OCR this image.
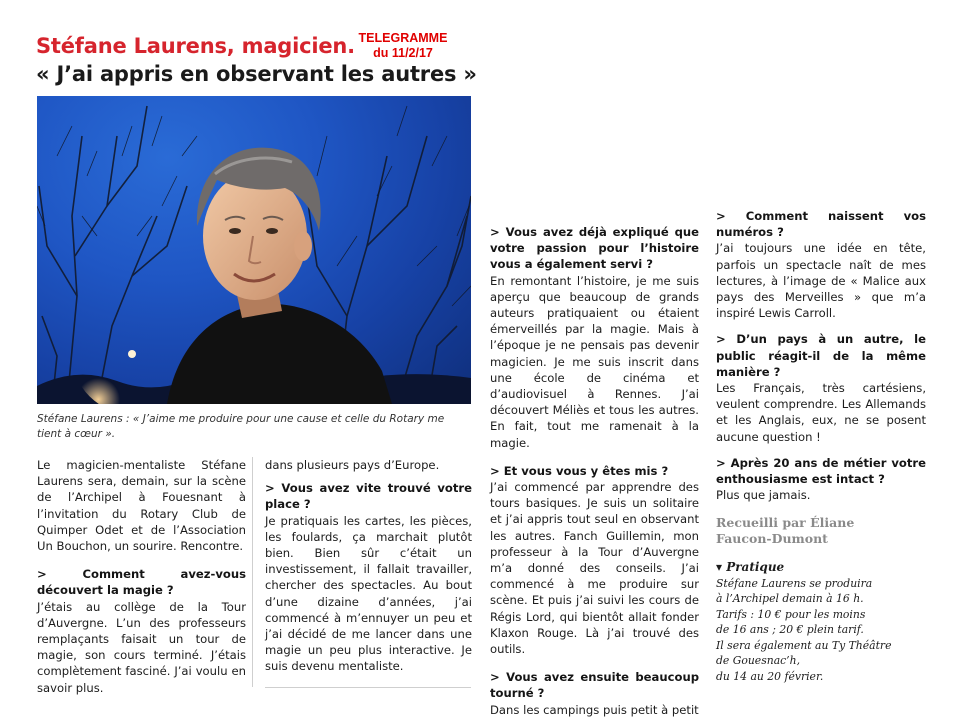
Stéfane Laurens, magicien.
« J’ai appris en observant les autres »
TELEGRAMME
du 11/2/17
Stéfane Laurens : « J’aime me produire pour une cause et celle du Rotary me tient à cœur ».

Le magicien-mentaliste Stéfane Laurens sera, demain, sur la scène de l’Archipel à Fouesnant à l’invitation du Rotary Club de Quimper Odet et de l’Association Un Bouchon, un sourire. Rencontre.

> Comment avez-vous découvert la magie ?

J’étais au collège de la Tour d’Auvergne. L’un des professeurs remplaçants faisait un tour de magie, son cours terminé. J’étais complètement fasciné. J’ai voulu en savoir plus.

dans plusieurs pays d’Europe.

> Vous avez vite trouvé votre place ?

Je pratiquais les cartes, les pièces, les foulards, ça marchait plutôt bien. Bien sûr c’était un investissement, il fallait travailler, chercher des spectacles. Au bout d’une dizaine d’années, j’ai commencé à m’ennuyer un peu et j’ai décidé de me lancer dans une magie un peu plus interactive. Je suis devenu mentaliste.

> Vous avez déjà expliqué que votre passion pour l’histoire vous a également servi ?

En remontant l’histoire, je me suis aperçu que beaucoup de grands auteurs pratiquaient ou étaient émerveillés par la magie. Mais à l’époque je ne pensais pas devenir magicien. Je me suis inscrit dans une école de cinéma et d’audiovisuel à Rennes. J’ai découvert Méliès et tous les autres. En fait, tout me ramenait à la magie.

> Et vous vous y êtes mis ?

J’ai commencé par apprendre des tours basiques. Je suis un solitaire et j’ai appris tout seul en observant les autres. Fanch Guillemin, mon professeur à la Tour d’Auvergne m’a donné des conseils. J’ai commencé à me produire sur scène. Et puis j’ai suivi les cours de Régis Lord, qui bientôt allait fonder Klaxon Rouge. Là j’ai trouvé des outils.

> Vous avez ensuite beaucoup tourné ?

Dans les campings puis petit à petit

> Comment naissent vos numéros ?

J’ai toujours une idée en tête, parfois un spectacle naît de mes lectures, à l’image de « Malice aux pays des Merveilles » que m’a inspiré Lewis Carroll.

> D’un pays à un autre, le public réagit-il de la même manière ?

Les Français, très cartésiens, veulent comprendre. Les Allemands et les Anglais, eux, ne se posent aucune question !

> Après 20 ans de métier votre enthousiasme est intact ?

Plus que jamais.

Recueilli par Éliane
Faucon-Dumont

▾ Pratique

Stéfane Laurens se produira

à l’Archipel demain à 16 h.

Tarifs : 10 € pour les moins

de 16 ans ; 20 € plein tarif.

Il sera également au Ty Théâtre

de Gouesnac’h,

du 14 au 20 février.
